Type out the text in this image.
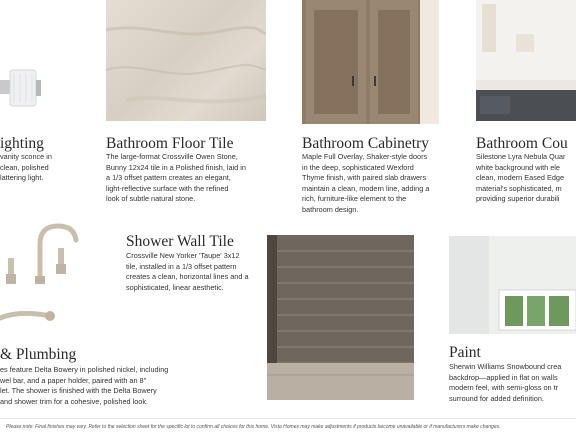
ighting
vanity sconce in
clean, polished
lattering light.
Bathroom Floor Tile
The large-format Crossville Owen Stone,
Bunny 12x24 tile in a Polished finish, laid in
a 1/3 offset pattern creates an elegant,
light-reflective surface with the refined
look of subtle natural stone.
Bathroom Cabinetry
Maple Full Overlay, Shaker-style doors
in the deep, sophisticated Wexford
Thyme finish, with paired slab drawers
maintain a clean, modern line, adding a
rich, furniture-like element to the
bathroom design.
Bathroom Cou
Silestone Lyra Nebula Quar
white background with ele
clean, modern Eased Edge
material's sophisticated, m
providing superior durabili
Shower Wall Tile
Crossville New Yorker 'Taupe' 3x12
tile, installed in a 1/3 offset pattern
creates a clean, horizontal lines and a
sophisticated, linear aesthetic.
& Plumbing
es feature Delta Bowery in polished nickel, including
wel bar, and a paper holder, paired with an 8"
let. The shower is finished with the Delta Bowery
and shower trim for a cohesive, polished look.
Paint
Sherwin Williams Snowbound crea
backdrop—applied in flat on walls
modern feel, with semi-gloss on tr
surround for added definition.
Please note: Final finishes may vary. Refer to the selection sheet for the specific lot to confirm all choices for this home. Vista Homes may make adjustments if products become unavailable or if manufacturers make changes.
